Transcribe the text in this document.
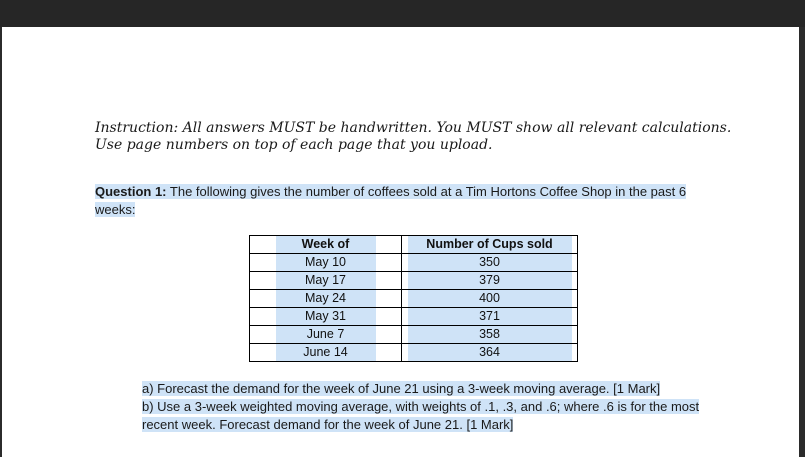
Instruction: All answers MUST be handwritten. You MUST show all relevant calculations.
Use page numbers on top of each page that you upload.
Question 1: The following gives the number of coffees sold at a Tim Hortons Coffee Shop in the past 6 weeks:
Week of	Number of Cups sold
May 10	350
May 17	379
May 24	400
May 31	371
June 7	358
June 14	364

a) Forecast the demand for the week of June 21 using a 3-week moving average. [1 Mark]

b) Use a 3-week weighted moving average, with weights of .1, .3, and .6; where .6 is for the most recent week. Forecast demand for the week of June 21. [1 Mark]
